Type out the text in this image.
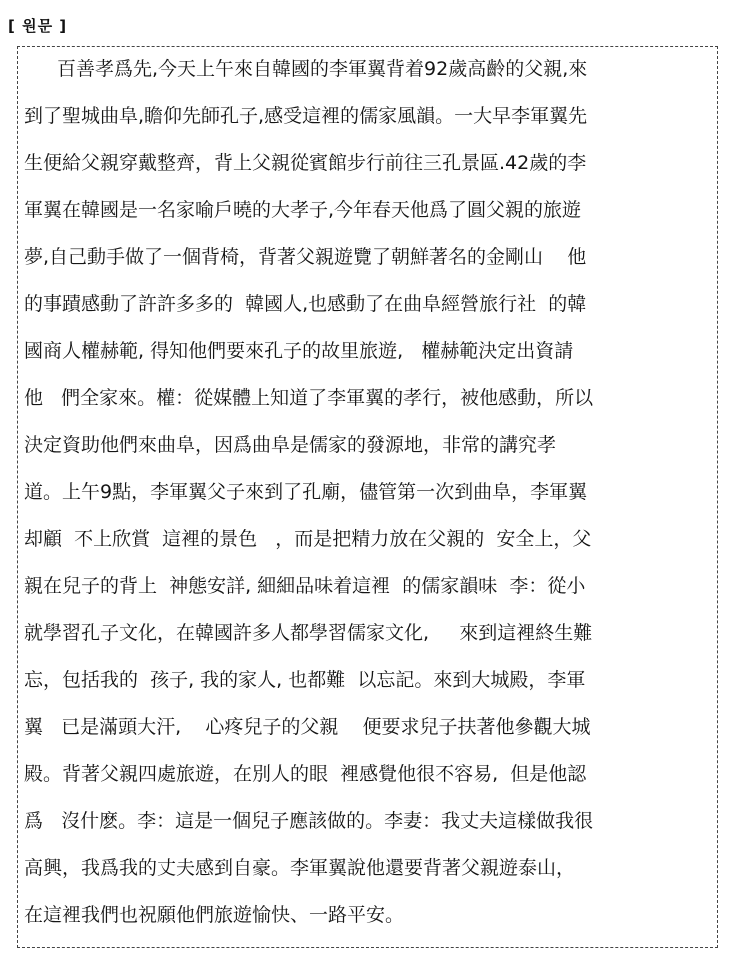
[ 원문 ]
百善孝爲先,今天上午來自韓國的李軍翼背着92歲高齡的父親,來
到了聖城曲阜,瞻仰先師孔子,感受這裡的儒家風韻。一大早李軍翼先
生便給父親穿戴整齊，背上父親從賓館步行前往三孔景區.42歲的李
軍翼在韓國是一名家喻戶曉的大孝子,今年春天他爲了圓父親的旅遊
夢,自己動手做了一個背椅，背著父親遊覽了朝鮮著名的金剛山    他
的事蹟感動了許許多多的  韓國人,也感動了在曲阜經營旅行社  的韓
國商人權赫範, 得知他們要來孔子的故里旅遊,   權赫範決定出資請
他   們全家來。權：從媒體上知道了李軍翼的孝行，被他感動，所以
決定資助他們來曲阜，因爲曲阜是儒家的發源地，非常的講究孝
道。上午9點，李軍翼父子來到了孔廟，儘管第一次到曲阜，李軍翼
却顧  不上欣賞  這裡的景色   ，而是把精力放在父親的  安全上，父
親在兒子的背上  神態安詳, 細細品味着這裡  的儒家韻味  李：從小
就學習孔子文化，在韓國許多人都學習儒家文化,     來到這裡終生難
忘，包括我的  孩子, 我的家人, 也都難  以忘記。來到大城殿，李軍
翼   已是滿頭大汗,    心疼兒子的父親    便要求兒子扶著他參觀大城
殿。背著父親四處旅遊，在別人的眼  裡感覺他很不容易,  但是他認
爲   沒什麽。李：這是一個兒子應該做的。李妻：我丈夫這樣做我很
高興，我爲我的丈夫感到自豪。李軍翼說他還要背著父親遊泰山，
在這裡我們也祝願他們旅遊愉快、一路平安。
